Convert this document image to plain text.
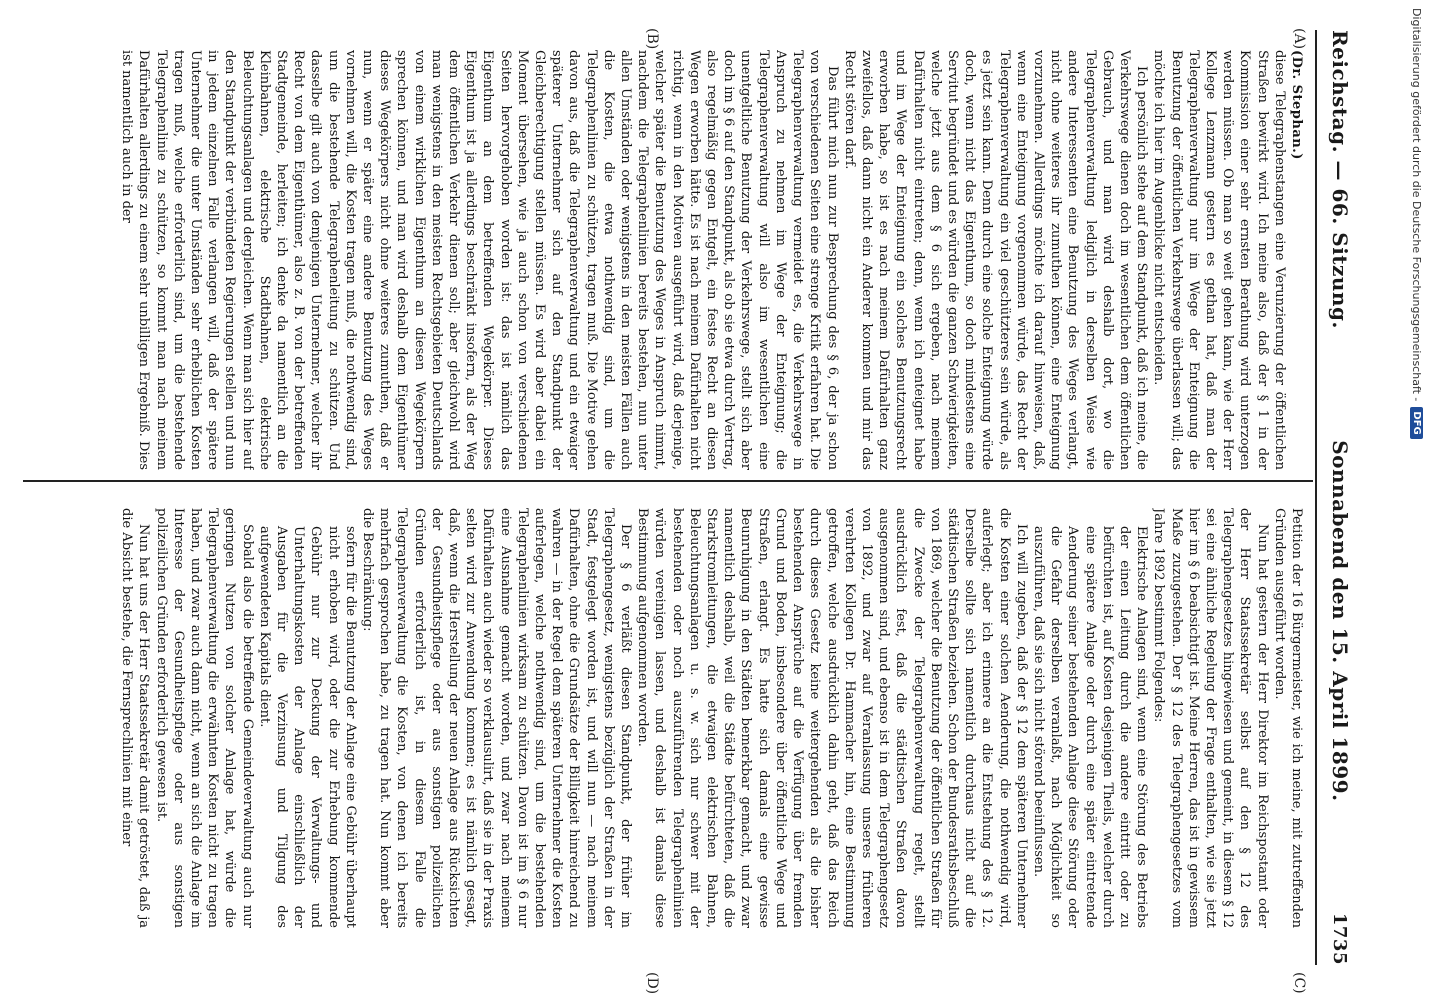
Reichstag. — 66. Sitzung.
Sonnabend den 15. April 1899.
1735
(A)
(B)
(C)
(D)

(Dr. Stephan.)

diese Telegraphenstangen eine Verunzierung der öffentlichen Straßen bewirkt wird. Ich meine also, daß der § 1 in der Kommission einer sehr ernsten Berathung wird unterzogen werden müssen. Ob man so weit gehen kann, wie der Herr Kollege Lenzmann gestern es gethan hat, daß man der Telegraphenverwaltung nur im Wege der Enteignung die Benutzung der öffentlichen Verkehrswege überlassen will; das möchte ich hier im Augenblicke nicht entscheiden.

Ich persönlich stehe auf dem Standpunkt, daß ich meine, die Verkehrswege dienen doch im wesentlichen dem öffentlichen Gebrauch, und man wird deshalb dort, wo die Telegraphenverwaltung lediglich in derselben Weise wie andere Interessenten eine Benutzung des Weges verlangt, nicht ohne weiteres ihr zumuthen können, eine Enteignung vorzunehmen. Allerdings möchte ich darauf hinweisen, daß, wenn eine Enteignung vorgenommen würde, das Recht der Telegraphenverwaltung ein viel geschützteres sein würde, als es jetzt sein kann. Denn durch eine solche Enteignung würde doch, wenn nicht das Eigenthum, so doch mindestens eine Servitut begründet und es würden die ganzen Schwierigkeiten, welche jetzt aus dem § 6 sich ergeben, nach meinem Dafürhalten nicht eintreten; denn, wenn ich enteignet habe und im Wege der Enteignung ein solches Benutzungsrecht erworben habe, so ist es nach meinem Dafürhalten ganz zweifellos, daß dann nicht ein Anderer kommen und mir das Recht stören darf.

Das führt mich nun zur Besprechung des § 6, der ja schon von verschiedenen Seiten eine strenge Kritik erfahren hat. Die Telegraphenverwaltung vermeidet es, die Verkehrswege in Anspruch zu nehmen im Wege der Enteignung; die Telegraphenverwaltung will also im wesentlichen eine unentgeltliche Benutzung der Verkehrswege, stellt sich aber doch im § 6 auf den Standpunkt, als ob sie etwa durch Vertrag, also regelmäßig gegen Entgelt, ein festes Recht an diesen Wegen erworben hätte. Es ist nach meinem Dafürhalten nicht richtig, wenn in den Motiven ausgeführt wird, daß derjenige, welcher später die Benutzung des Weges in Anspruch nimmt, nachdem die Telegraphenlinien bereits bestehen, nun unter allen Umständen oder wenigstens in den meisten Fällen auch die Kosten, die etwa nothwendig sind, um die Telegraphenlinien zu schützen, tragen muß. Die Motive gehen davon aus, daß die Telegraphenverwaltung und ein etwaiger späterer Unternehmer sich auf den Standpunkt der Gleichberechtigung stellen müssen. Es wird aber dabei ein Moment übersehen, wie ja auch schon von verschiedenen Seiten hervorgehoben worden ist: das ist nämlich das Eigenthum an dem betreffenden Wegekörper. Dieses Eigenthum ist ja allerdings beschränkt insofern, als der Weg dem öffentlichen Verkehr dienen soll; aber gleichwohl wird man wenigstens in den meisten Rechtsgebieten Deutschlands von einem wirklichen Eigenthum an diesen Wegekörpern sprechen können, und man wird deshalb dem Eigenthümer dieses Wegekörpers nicht ohne weiteres zumuthen, daß er nun, wenn er später eine andere Benutzung des Weges vornehmen will, die Kosten tragen muß, die nothwendig sind, um die bestehende Telegraphenleitung zu schützen. Und dasselbe gilt auch von demjenigen Unternehmer, welcher ihr Recht von dem Eigenthümer, also z. B. von der betreffenden Stadtgemeinde, herleiten; ich denke da namentlich an die Kleinbahnen, elektrische Stadtbahnen, elektrische Beleuchtungsanlagen und dergleichen. Wenn man sich hier auf den Standpunkt der verbündeten Regierungen stellen und nun in jedem einzelnen Falle verlangen will, daß der spätere Unternehmer die unter Umständen sehr erheblichen Kosten tragen muß, welche erforderlich sind, um die bestehende Telegraphenlinie zu schützen, so kommt man nach meinem Dafürhalten allerdings zu einem sehr unbilligen Ergebniß. Dies ist namentlich auch in der

Petition der 16 Bürgermeister, wie ich meine, mit zutreffenden Gründen ausgeführt worden.

Nun hat gestern der Herr Direktor im Reichspostamt oder der Herr Staatssekretär selbst auf den § 12 des Telegraphengesetzes hingewiesen und gemeint, in diesem § 12 sei eine ähnliche Regelung der Frage enthalten, wie sie jetzt hier im § 6 beabsichtigt ist. Meine Herren, das ist in gewissem Maße zuzugestehen. Der § 12 des Telegraphengesetzes vom Jahre 1892 bestimmt Folgendes:

Elektrische Anlagen sind, wenn eine Störung des Betriebs der einen Leitung durch die andere eintritt oder zu befürchten ist, auf Kosten desjenigen Theils, welcher durch eine spätere Anlage oder durch eine später eintretende Aenderung seiner bestehenden Anlage diese Störung oder die Gefahr derselben veranlaßt, nach Möglichkeit so auszuführen, daß sie sich nicht störend beeinflussen.

Ich will zugeben, daß der § 12 dem späteren Unternehmer die Kosten einer solchen Aenderung, die nothwendig wird, auferlegt; aber ich erinnere an die Entstehung des § 12. Derselbe sollte sich namentlich durchaus nicht auf die städtischen Straßen beziehen. Schon der Bundesrathsbeschluß von 1869, welcher die Benutzung der öffentlichen Straßen für die Zwecke der Telegraphenverwaltung regelt, stellt ausdrücklich fest, daß die städtischen Straßen davon ausgenommen sind, und ebenso ist in dem Telegraphengesetz von 1892, und zwar auf Veranlassung unseres früheren verehrten Kollegen Dr. Hammacher hin, eine Bestimmung getroffen, welche ausdrücklich dahin geht, daß das Reich durch dieses Gesetz keine weitergehenden als die bisher bestehenden Ansprüche auf die Verfügung über fremden Grund und Boden, insbesondere über öffentliche Wege und Straßen, erlangt. Es hatte sich damals eine gewisse Beunruhigung in den Städten bemerkbar gemacht, und zwar namentlich deshalb, weil die Städte befürchteten, daß die Starkstromleitungen, die etwaigen elektrischen Bahnen, Beleuchtungsanlagen u. s. w. sich nur schwer mit der bestehenden oder noch auszuführenden Telegraphenlinien würden vereinigen lassen, und deshalb ist damals diese Bestimmung aufgenommen worden.

Der § 6 verläßt diesen Standpunkt, der früher im Telegraphengesetz, wenigstens bezüglich der Straßen in der Stadt, festgelegt worden ist, und will nun — nach meinem Dafürhalten, ohne die Grundsätze der Billigkeit hinreichend zu wahren — in der Regel dem späteren Unternehmer die Kosten auferlegen, welche nothwendig sind, um die bestehenden Telegraphenlinien wirksam zu schützen. Davon ist im § 6 nur eine Ausnahme gemacht worden, und zwar nach meinem Dafürhalten auch wieder so verklausulirt, daß sie in der Praxis selten wird zur Anwendung kommen; es ist nämlich gesagt, daß, wenn die Herstellung der neuen Anlage aus Rücksichten der Gesundheitspflege oder aus sonstigen polizeilichen Gründen erforderlich ist, in diesem Falle die Telegraphenverwaltung die Kosten, von denen ich bereits mehrfach gesprochen habe, zu tragen hat. Nun kommt aber die Beschränkung:

sofern für die Benutzung der Anlage eine Gebühr überhaupt nicht erhoben wird, oder die zur Erhebung kommende Gebühr nur zur Deckung der Verwaltungs- und Unterhaltungskosten der Anlage einschließlich der Ausgaben für die Verzinsung und Tilgung des aufgewendeten Kapitals dient.

Sobald also die betreffende Gemeindeverwaltung auch nur geringen Nutzen von solcher Anlage hat, würde die Telegraphenverwaltung die erwähnten Kosten nicht zu tragen haben, und zwar auch dann nicht, wenn an sich die Anlage im Interesse der Gesundheitspflege oder aus sonstigen polizeilichen Gründen erforderlich gewesen ist.

Nun hat uns der Herr Staatssekretär damit getröstet, daß ja die Absicht bestehe, die Fernsprechlinien mit einer

Digitalisierung gefördert durch die Deutsche Forschungsgemeinschaft -
DFG
